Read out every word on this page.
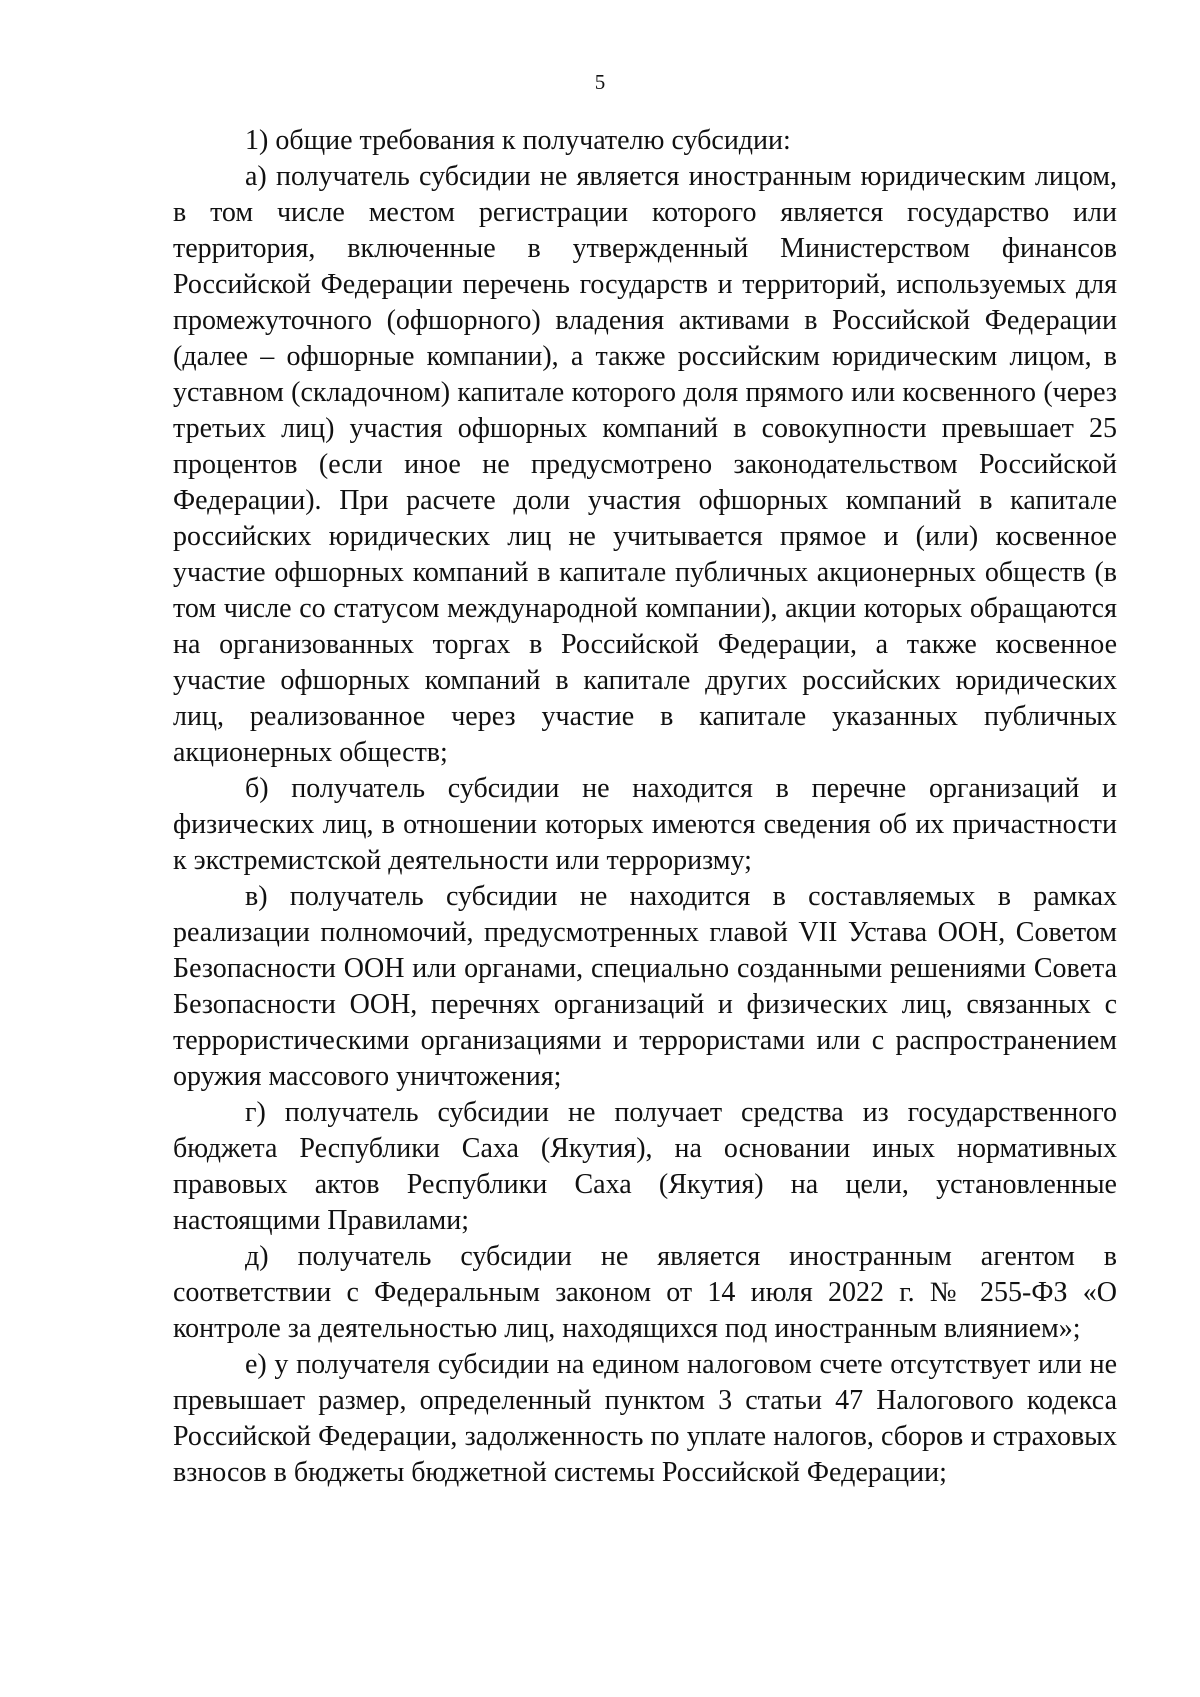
5

1) общие требования к получателю субсидии:

а) получатель субсидии не является иностранным юридическим лицом, в том числе местом регистрации которого является государство или территория, включенные в утвержденный Министерством финансов Российской Федерации перечень государств и территорий, используемых для промежуточного (офшорного) владения активами в Российской Федерации (далее – офшорные компании), а также российским юридическим лицом, в уставном (складочном) капитале которого доля прямого или косвенного (через третьих лиц) участия офшорных компаний в совокупности превышает 25 процентов (если иное не предусмотрено законодательством Российской Федерации). При расчете доли участия офшорных компаний в капитале российских юридических лиц не учитывается прямое и (или) косвенное участие офшорных компаний в капитале публичных акционерных обществ (в том числе со статусом международной компании), акции которых обращаются на организованных торгах в Российской Федерации, а также косвенное участие офшорных компаний в капитале других российских юридических лиц, реализованное через участие в капитале указанных публичных акционерных обществ;

б) получатель субсидии не находится в перечне организаций и физических лиц, в отношении которых имеются сведения об их причастности к экстремистской деятельности или терроризму;

в) получатель субсидии не находится в составляемых в рамках реализации полномочий, предусмотренных главой VII Устава ООН, Советом Безопасности ООН или органами, специально созданными решениями Совета Безопасности ООН, перечнях организаций и физических лиц, связанных с террористическими организациями и террористами или с распространением оружия массового уничтожения;

г) получатель субсидии не получает средства из государственного бюджета Республики Саха (Якутия), на основании иных нормативных правовых актов Республики Саха (Якутия) на цели, установленные настоящими Правилами;

д) получатель субсидии не является иностранным агентом в соответствии с Федеральным законом от 14 июля 2022 г. № 255-ФЗ «О контроле за деятельностью лиц, находящихся под иностранным влиянием»;

е) у получателя субсидии на едином налоговом счете отсутствует или не превышает размер, определенный пунктом 3 статьи 47 Налогового кодекса Российской Федерации, задолженность по уплате налогов, сборов и страховых взносов в бюджеты бюджетной системы Российской Федерации;
